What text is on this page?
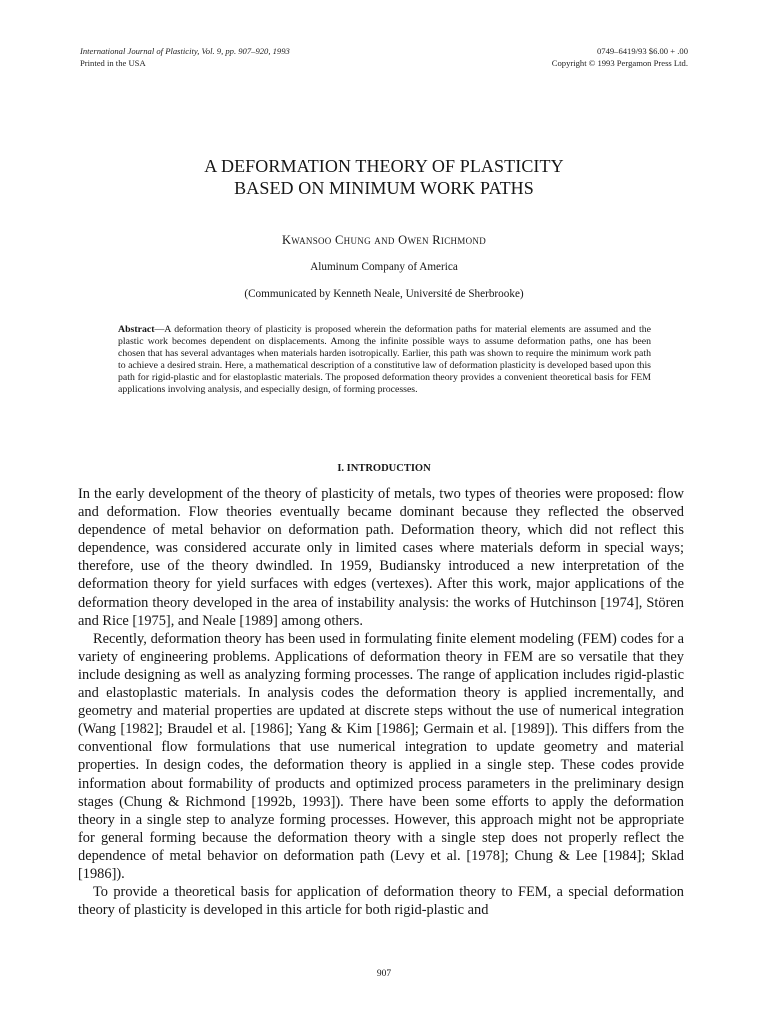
International Journal of Plasticity, Vol. 9, pp. 907–920, 1993
Printed in the USA
0749–6419/93 $6.00 + .00
Copyright © 1993 Pergamon Press Ltd.
A DEFORMATION THEORY OF PLASTICITY
BASED ON MINIMUM WORK PATHS
Kwansoo Chung and Owen Richmond
Aluminum Company of America
(Communicated by Kenneth Neale, Université de Sherbrooke)
Abstract—A deformation theory of plasticity is proposed wherein the deformation paths for material elements are assumed and the plastic work becomes dependent on displacements. Among the infinite possible ways to assume deformation paths, one has been chosen that has several advantages when materials harden isotropically. Earlier, this path was shown to require the minimum work path to achieve a desired strain. Here, a mathematical description of a constitutive law of deformation plasticity is developed based upon this path for rigid-plastic and for elastoplastic materials. The proposed deformation theory provides a convenient theoretical basis for FEM applications involving analysis, and especially design, of forming processes.
I. INTRODUCTION

In the early development of the theory of plasticity of metals, two types of theories were proposed: flow and deformation. Flow theories eventually became dominant because they reflected the observed dependence of metal behavior on deformation path. Deformation theory, which did not reflect this dependence, was considered accurate only in limited cases where materials deform in special ways; therefore, use of the theory dwindled. In 1959, Budiansky introduced a new interpretation of the deformation theory for yield surfaces with edges (vertexes). After this work, major applications of the deformation theory developed in the area of instability analysis: the works of Hutchinson [1974], Stören and Rice [1975], and Neale [1989] among others.

Recently, deformation theory has been used in formulating finite element modeling (FEM) codes for a variety of engineering problems. Applications of deformation theory in FEM are so versatile that they include designing as well as analyzing forming processes. The range of application includes rigid-plastic and elastoplastic materials. In analysis codes the deformation theory is applied incrementally, and geometry and material properties are updated at discrete steps without the use of numerical integration (Wang [1982]; Braudel et al. [1986]; Yang & Kim [1986]; Germain et al. [1989]). This differs from the conventional flow formulations that use numerical integration to update geometry and material properties. In design codes, the deformation theory is applied in a single step. These codes provide information about formability of products and optimized process parameters in the preliminary design stages (Chung & Richmond [1992b, 1993]). There have been some efforts to apply the deformation theory in a single step to analyze forming processes. However, this approach might not be appropriate for general forming because the deformation theory with a single step does not properly reflect the dependence of metal behavior on deformation path (Levy et al. [1978]; Chung & Lee [1984]; Sklad [1986]).

To provide a theoretical basis for application of deformation theory to FEM, a special deformation theory of plasticity is developed in this article for both rigid-plastic and

907
